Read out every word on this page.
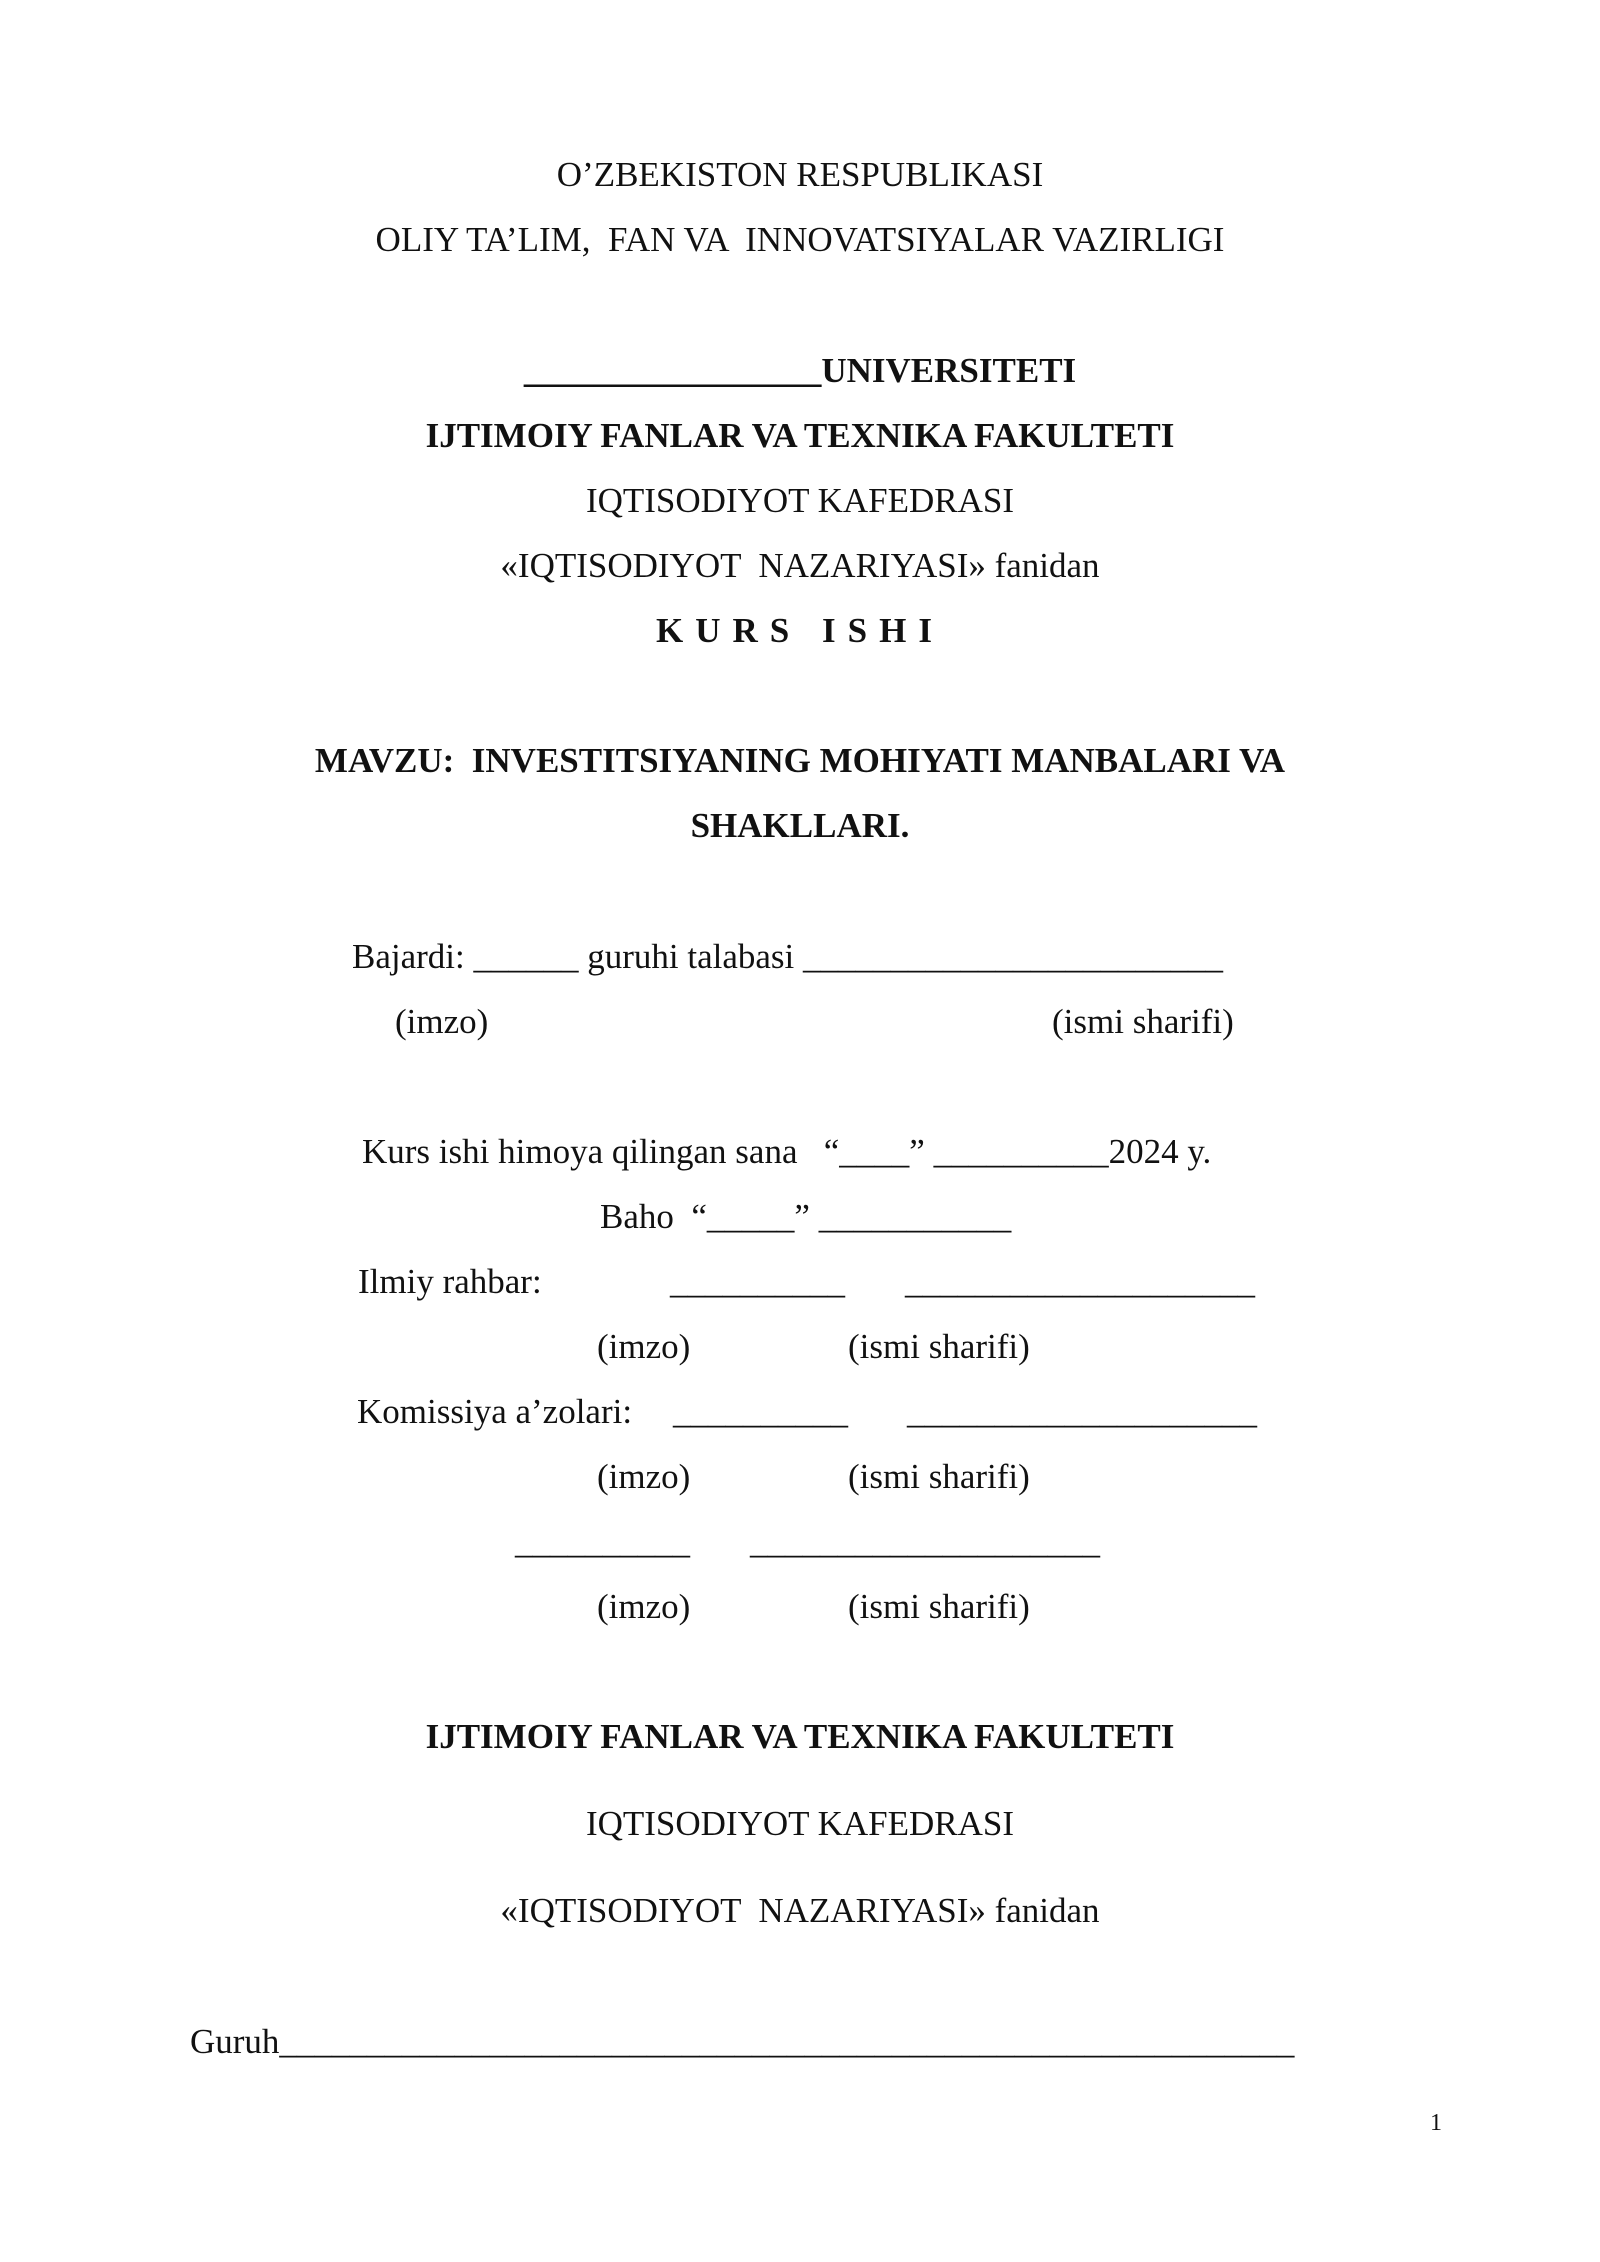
O’ZBEKISTON RESPUBLIKASI
OLIY TA’LIM,  FAN VA  INNOVATSIYALAR VAZIRLIGI
_________________UNIVERSITETI
IJTIMOIY FANLAR VA TEXNIKA FAKULTETI
IQTISODIYOT KAFEDRASI
«IQTISODIYOT  NAZARIYASI» fanidan
KURS ISHI
MAVZU:  INVESTITSIYANING MOHIYATI MANBALARI VA
SHAKLLARI.
Bajardi: ______ guruhi talabasi ________________________
(imzo)	(ismi sharifi)
Kurs ishi himoya qilingan sana   “____” __________2024 y.
Baho  “_____” ___________
Ilmiy rahbar:	__________ ____________________
(imzo)	(ismi sharifi)
Komissiya a’zolari: __________ ____________________
(imzo)	(ismi sharifi)
__________ ____________________
(imzo)	(ismi sharifi)
IJTIMOIY FANLAR VA TEXNIKA FAKULTETI
IQTISODIYOT KAFEDRASI
«IQTISODIYOT  NAZARIYASI» fanidan
Guruh__________________________________________________________
1
